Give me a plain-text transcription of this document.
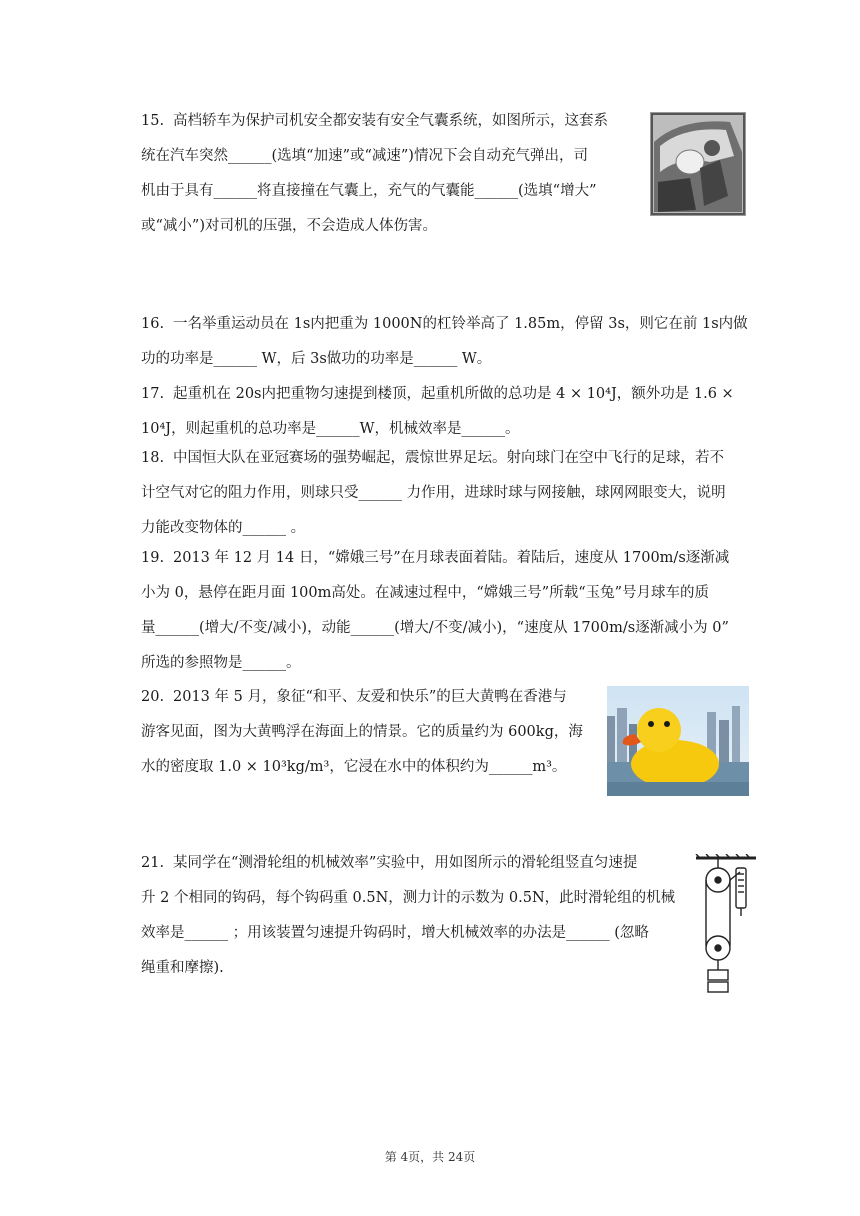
15. 高档轿车为保护司机安全都安装有安全气囊系统，如图所示，这套系

统在汽车突然______(选填“加速”或“减速”)情况下会自动充气弹出，司

机由于具有______将直接撞在气囊上，充气的气囊能______(选填“增大”

或“减小”)对司机的压强，不会造成人体伤害。

16. 一名举重运动员在 1s内把重为 1000N的杠铃举高了 1.85m，停留 3s，则它在前 1s内做

功的功率是______ W，后 3s做功的功率是______ W。

17. 起重机在 20s内把重物匀速提到楼顶，起重机所做的总功是 4 × 10⁴J，额外功是 1.6 ×

10⁴J，则起重机的总功率是______W，机械效率是______。

18. 中国恒大队在亚冠赛场的强势崛起，震惊世界足坛。射向球门在空中飞行的足球，若不

计空气对它的阻力作用，则球只受______ 力作用，进球时球与网接触，球网网眼变大，说明

力能改变物体的______ 。

19. 2013 年 12 月 14 日，“嫦娥三号”在月球表面着陆。着陆后，速度从 1700m/s逐渐减

小为 0，悬停在距月面 100m高处。在减速过程中，“嫦娥三号”所载“玉兔”号月球车的质

量______(增大/不变/减小)，动能______(增大/不变/减小)，“速度从 1700m/s逐渐减小为 0”

所选的参照物是______。

20. 2013 年 5 月，象征“和平、友爱和快乐”的巨大黄鸭在香港与

游客见面，图为大黄鸭浮在海面上的情景。它的质量约为 600kg，海

水的密度取 1.0 × 10³kg/m³，它浸在水中的体积约为______m³。

21. 某同学在“测滑轮组的机械效率”实验中，用如图所示的滑轮组竖直匀速提

升 2 个相同的钩码，每个钩码重 0.5N，测力计的示数为 0.5N，此时滑轮组的机械

效率是______ ；用该装置匀速提升钩码时，增大机械效率的办法是______ (忽略

绳重和摩擦).

第 4页，共 24页
